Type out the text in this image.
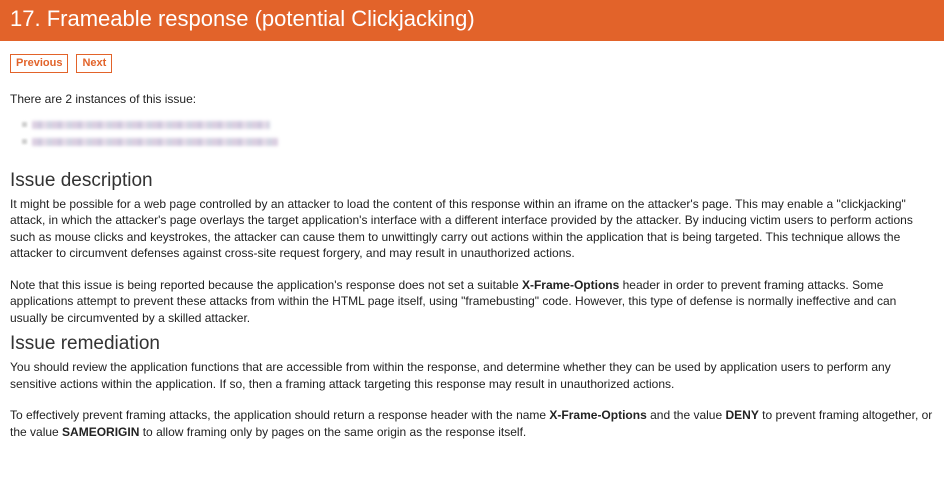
17. Frameable response (potential Clickjacking)
Previous	Next

There are 2 instances of this issue:

Issue description

It might be possible for a web page controlled by an attacker to load the content of this response within an iframe on the attacker's page. This may enable a "clickjacking" attack, in which the attacker's page overlays the target application's interface with a different interface provided by the attacker. By inducing victim users to perform actions such as mouse clicks and keystrokes, the attacker can cause them to unwittingly carry out actions within the application that is being targeted. This technique allows the attacker to circumvent defenses against cross-site request forgery, and may result in unauthorized actions.

Note that this issue is being reported because the application's response does not set a suitable X-Frame-Options header in order to prevent framing attacks. Some applications attempt to prevent these attacks from within the HTML page itself, using "framebusting" code. However, this type of defense is normally ineffective and can usually be circumvented by a skilled attacker.

Issue remediation

You should review the application functions that are accessible from within the response, and determine whether they can be used by application users to perform any sensitive actions within the application. If so, then a framing attack targeting this response may result in unauthorized actions.

To effectively prevent framing attacks, the application should return a response header with the name X-Frame-Options and the value DENY to prevent framing altogether, or the value SAMEORIGIN to allow framing only by pages on the same origin as the response itself.
